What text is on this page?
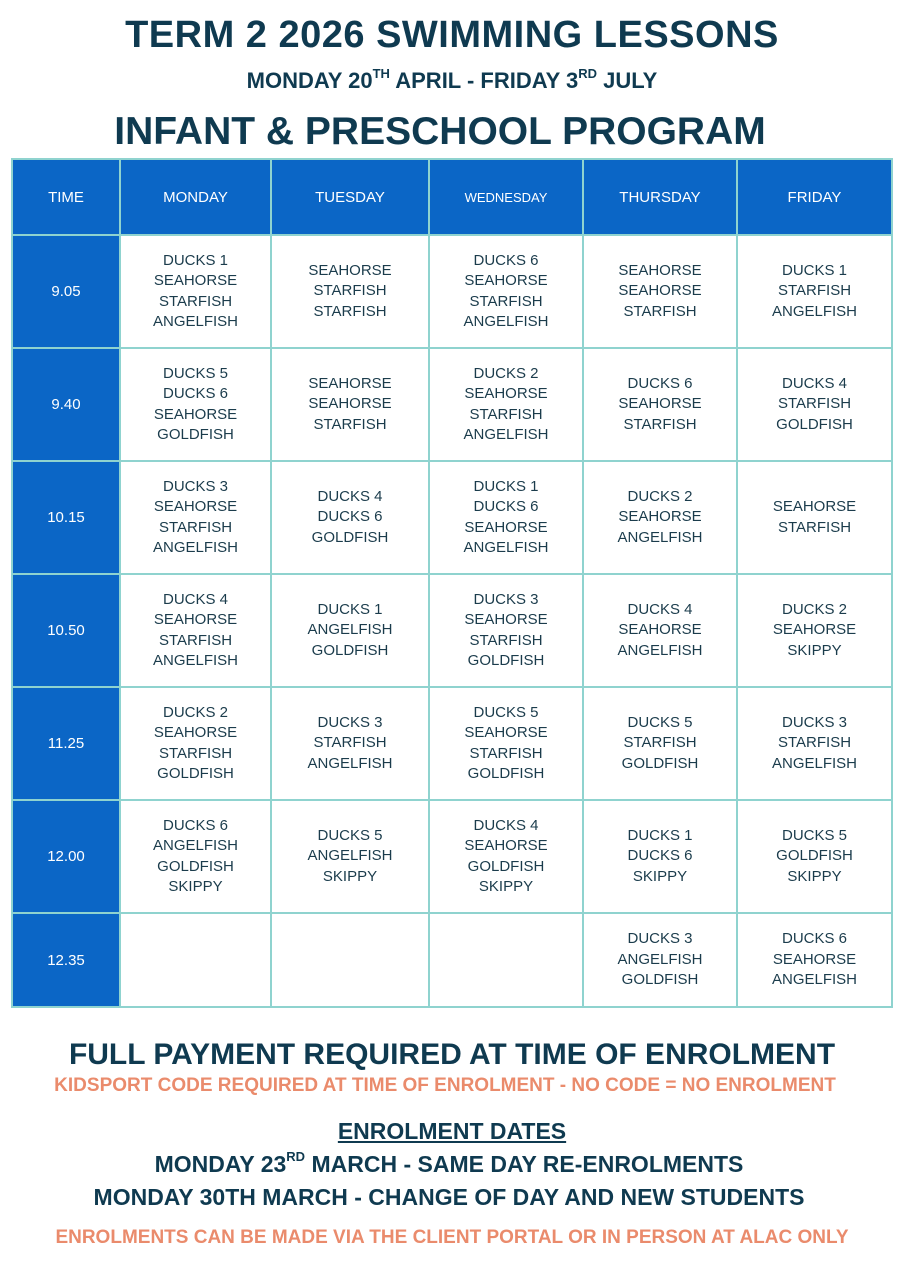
TERM 2 2026 SWIMMING LESSONS
MONDAY 20TH APRIL - FRIDAY 3RD JULY
INFANT & PRESCHOOL PROGRAM
TIME	MONDAY	TUESDAY	WEDNESDAY	THURSDAY	FRIDAY
9.05	DUCKS 1
SEAHORSE
STARFISH
ANGELFISH	SEAHORSE
STARFISH
STARFISH	DUCKS 6
SEAHORSE
STARFISH
ANGELFISH	SEAHORSE
SEAHORSE
STARFISH	DUCKS 1
STARFISH
ANGELFISH

9.40	DUCKS 5
DUCKS 6
SEAHORSE
GOLDFISH	SEAHORSE
SEAHORSE
STARFISH	DUCKS 2
SEAHORSE
STARFISH
ANGELFISH	DUCKS 6
SEAHORSE
STARFISH	DUCKS 4
STARFISH
GOLDFISH

10.15	DUCKS 3
SEAHORSE
STARFISH
ANGELFISH	DUCKS 4
DUCKS 6
GOLDFISH	DUCKS 1
DUCKS 6
SEAHORSE
ANGELFISH	DUCKS 2
SEAHORSE
ANGELFISH	SEAHORSE
STARFISH

10.50	DUCKS 4
SEAHORSE
STARFISH
ANGELFISH	DUCKS 1
ANGELFISH
GOLDFISH	DUCKS 3
SEAHORSE
STARFISH
GOLDFISH	DUCKS 4
SEAHORSE
ANGELFISH	DUCKS 2
SEAHORSE
SKIPPY

11.25	DUCKS 2
SEAHORSE
STARFISH
GOLDFISH	DUCKS 3
STARFISH
ANGELFISH	DUCKS 5
SEAHORSE
STARFISH
GOLDFISH	DUCKS 5
STARFISH
GOLDFISH	DUCKS 3
STARFISH
ANGELFISH

12.00	DUCKS 6
ANGELFISH
GOLDFISH
SKIPPY	DUCKS 5
ANGELFISH
SKIPPY	DUCKS 4
SEAHORSE
GOLDFISH
SKIPPY	DUCKS 1
DUCKS 6
SKIPPY	DUCKS 5
GOLDFISH
SKIPPY

12.35				DUCKS 3
ANGELFISH
GOLDFISH	DUCKS 6
SEAHORSE
ANGELFISH
FULL PAYMENT REQUIRED AT TIME OF ENROLMENT
KIDSPORT CODE REQUIRED AT TIME OF ENROLMENT - NO CODE = NO ENROLMENT
ENROLMENT DATES
MONDAY 23RD MARCH - SAME DAY RE-ENROLMENTS
MONDAY 30TH MARCH - CHANGE OF DAY AND NEW STUDENTS
ENROLMENTS CAN BE MADE VIA THE CLIENT PORTAL OR IN PERSON AT ALAC ONLY
